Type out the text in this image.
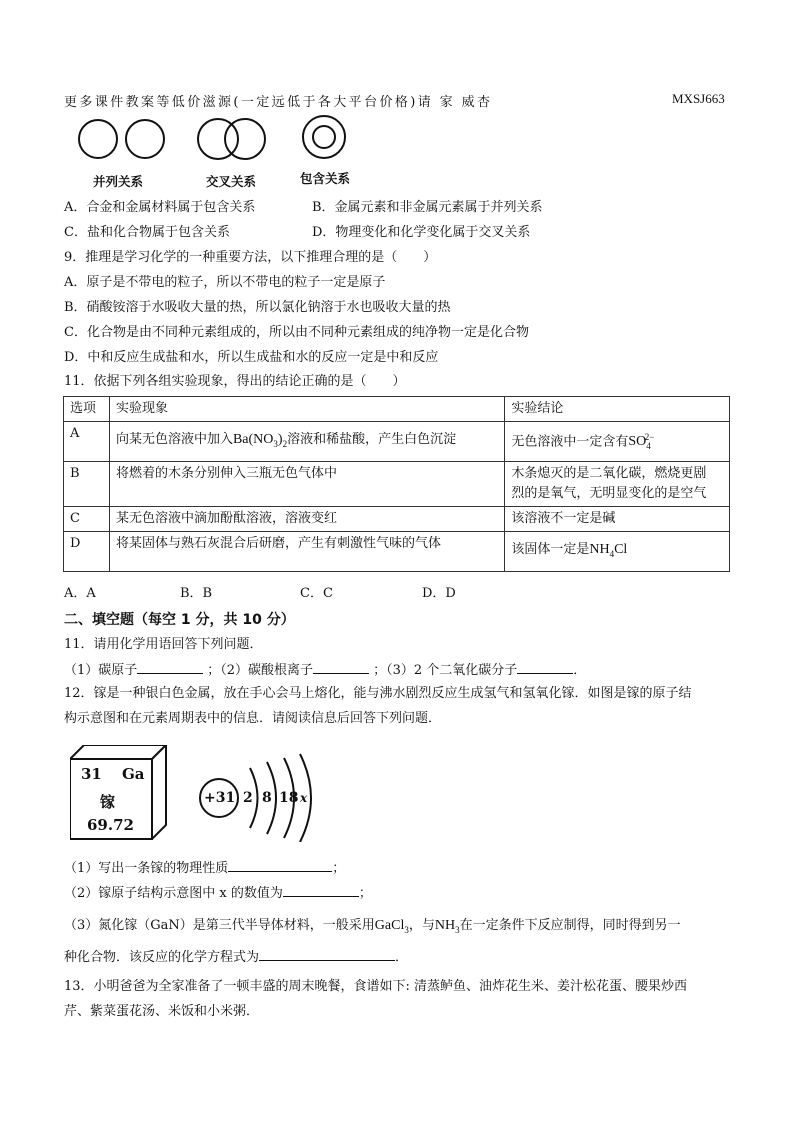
更多课件教案等低价滋源(一定远低于各大平台价格)请 家 威杏	MXSJ663
并列关系	交叉关系	包含关系
A．合金和金属材料属于包含关系	B．金属元素和非金属元素属于并列关系
C．盐和化合物属于包含关系	D．物理变化和化学变化属于交叉关系
9．推理是学习化学的一种重要方法，以下推理合理的是（　　）
A．原子是不带电的粒子，所以不带电的粒子一定是原子
B．硝酸铵溶于水吸收大量的热，所以氯化钠溶于水也吸收大量的热
C．化合物是由不同种元素组成的，所以由不同种元素组成的纯净物一定是化合物
D．中和反应生成盐和水，所以生成盐和水的反应一定是中和反应
11．依据下列各组实验现象，得出的结论正确的是（　　）
选项	实验现象	实验结论
A	向某无色溶液中加入$Ba(NO_3)_2$溶液和稀盐酸，产生白色沉淀	无色溶液中一定含有$SO_4^{2-}$
B	将燃着的木条分别伸入三瓶无色气体中	木条熄灭的是二氧化碳，燃烧更剧
烈的是氧气，无明显变化的是空气

C	某无色溶液中滴加酚酞溶液，溶液变红	该溶液不一定是碱
D	将某固体与熟石灰混合后研磨，产生有刺激性气味的气体	该固体一定是$NH_4Cl$
A．A	B．B	C．C	D．D
二、填空题（每空 1 分，共 10 分）
11．请用化学用语回答下列问题．
（1）碳原子	；（2）碳酸根离子	；（3）2 个二氧化碳分子	．
12．镓是一种银白色金属，放在手心会马上熔化，能与沸水剧烈反应生成氢气和氢氧化镓．如图是镓的原子结
构示意图和在元素周期表中的信息．请阅读信息后回答下列问题．
31 Ga
镓
69.72
+31 2 8 18 x
（1）写出一条镓的物理性质	；
（2）镓原子结构示意图中 x 的数值为	；
（3）氮化镓（GaN）是第三代半导体材料，一般采用GaCl$_3$，与$NH_3$在一定条件下反应制得，同时得到另一
种化合物．该反应的化学方程式为	．
13．小明爸爸为全家准备了一顿丰盛的周末晚餐，食谱如下: 清蒸鲈鱼、油炸花生米、姜汁松花蛋、腰果炒西
芹、紫菜蛋花汤、米饭和小米粥．
